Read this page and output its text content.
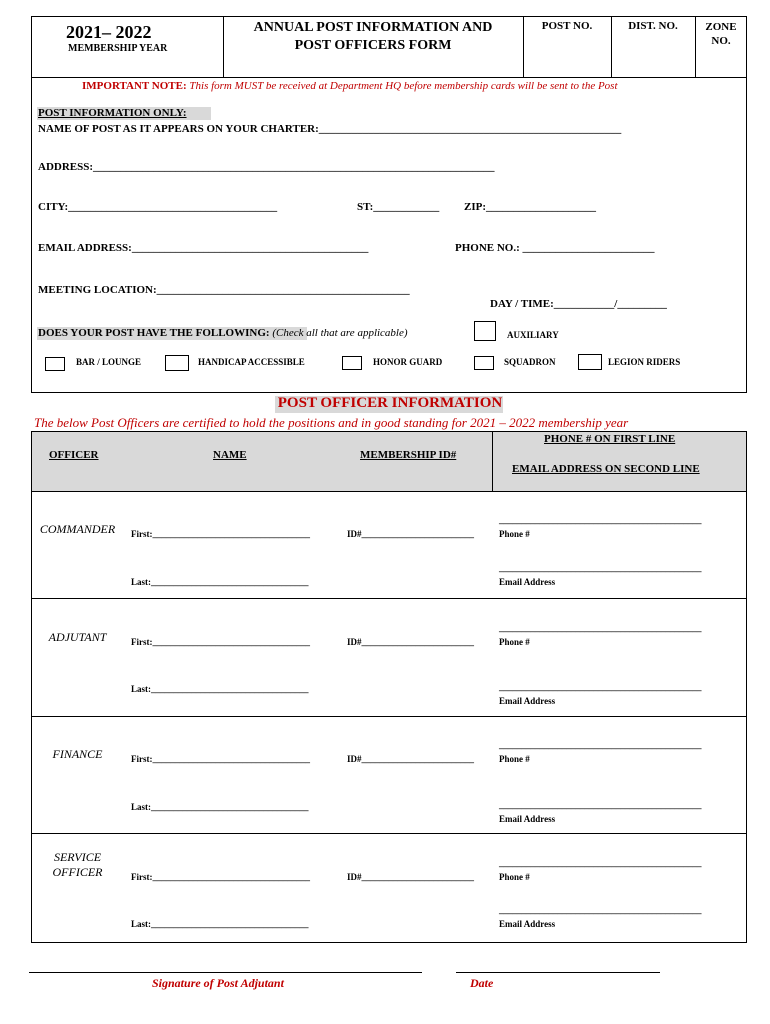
2021– 2022
MEMBERSHIP YEAR
ANNUAL POST INFORMATION AND
POST OFFICERS FORM
POST NO.	DIST. NO.	ZONE
NO.
IMPORTANT NOTE: This form MUST be received at Department HQ before membership cards will be sent to the Post
POST INFORMATION ONLY:
NAME OF POST AS IT APPEARS ON YOUR CHARTER:_______________________________________________________
ADDRESS:_________________________________________________________________________
CITY:______________________________________	ST:____________ ZIP:____________________
EMAIL ADDRESS:___________________________________________	PHONE NO.: ________________________
MEETING LOCATION:______________________________________________
DAY / TIME:___________/_________
DOES YOUR POST HAVE THE FOLLOWING: (Check all that are applicable)	AUXILIARY
BAR / LOUNGE	HANDICAP ACCESSIBLE	HONOR GUARD	SQUADRON	LEGION RIDERS
POST OFFICER INFORMATION
The below Post Officers are certified to hold the positions and in good standing for 2021 – 2022 membership year
OFFICER	NAME	MEMBERSHIP ID#
PHONE # ON FIRST LINE
EMAIL ADDRESS ON SECOND LINE
COMMANDER	First:___________________________________	ID#_________________________
_____________________________________________
Phone #
Last:___________________________________
_____________________________________________
Email Address
ADJUTANT	First:___________________________________	ID#_________________________
_____________________________________________
Phone #
Last:___________________________________	_____________________________________________
Email Address
FINANCE	First:___________________________________	ID#_________________________
_____________________________________________
Phone #
Last:___________________________________	_____________________________________________
Email Address
SERVICE
OFFICER	First:___________________________________	ID#_________________________
_____________________________________________
Phone #
Last:___________________________________
_____________________________________________
Email Address
Signature of Post Adjutant	Date
